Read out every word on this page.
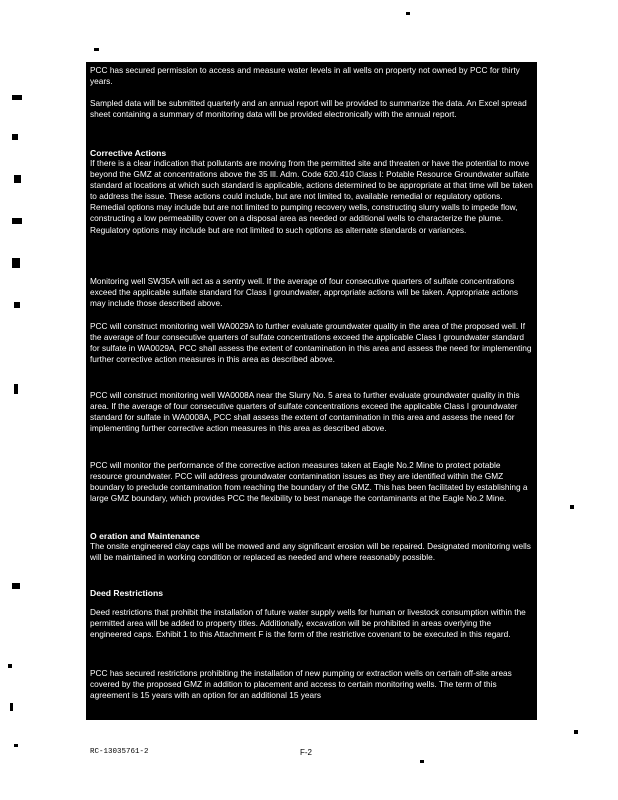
PCC has secured permission to access and measure water levels in all wells on property not owned by PCC for thirty years.

Sampled data will be submitted quarterly and an annual report will be provided to summarize the data. An Excel spread sheet containing a summary of monitoring data will be provided electronically with the annual report.

Corrective Actions

If there is a clear indication that pollutants are moving from the permitted site and threaten or have the potential to move beyond the GMZ at concentrations above the 35 Ill. Adm. Code 620.410 Class I: Potable Resource Groundwater sulfate standard at locations at which such standard is applicable, actions determined to be appropriate at that time will be taken to address the issue. These actions could include, but are not limited to, available remedial or regulatory options. Remedial options may include but are not limited to pumping recovery wells, constructing slurry walls to impede flow, constructing a low permeability cover on a disposal area as needed or additional wells to characterize the plume. Regulatory options may include but are not limited to such options as alternate standards or variances.

Monitoring well SW35A will act as a sentry well. If the average of four consecutive quarters of sulfate concentrations exceed the applicable sulfate standard for Class I groundwater, appropriate actions will be taken. Appropriate actions may include those described above.

PCC will construct monitoring well WA0029A to further evaluate groundwater quality in the area of the proposed well. If the average of four consecutive quarters of sulfate concentrations exceed the applicable Class I groundwater standard for sulfate in WA0029A, PCC shall assess the extent of contamination in this area and assess the need for implementing further corrective action measures in this area as described above.

PCC will construct monitoring well WA0008A near the Slurry No. 5 area to further evaluate groundwater quality in this area. If the average of four consecutive quarters of sulfate concentrations exceed the applicable Class I groundwater standard for sulfate in WA0008A, PCC shall assess the extent of contamination in this area and assess the need for implementing further corrective action measures in this area as described above.

PCC will monitor the performance of the corrective action measures taken at Eagle No.2 Mine to protect potable resource groundwater. PCC will address groundwater contamination issues as they are identified within the GMZ boundary to preclude contamination from reaching the boundary of the GMZ. This has been facilitated by establishing a large GMZ boundary, which provides PCC the flexibility to best manage the contaminants at the Eagle No.2 Mine.

O eration and Maintenance

The onsite engineered clay caps will be mowed and any significant erosion will be repaired. Designated monitoring wells will be maintained in working condition or replaced as needed and where reasonably possible.

Deed Restrictions

Deed restrictions that prohibit the installation of future water supply wells for human or livestock consumption within the permitted area will be added to property titles. Additionally, excavation will be prohibited in areas overlying the engineered caps. Exhibit 1 to this Attachment F is the form of the restrictive covenant to be executed in this regard.

PCC has secured restrictions prohibiting the installation of new pumping or extraction wells on certain off-site areas covered by the proposed GMZ in addition to placement and access to certain monitoring wells. The term of this agreement is 15 years with an option for an additional 15 years

RC-13035761-2	F-2
